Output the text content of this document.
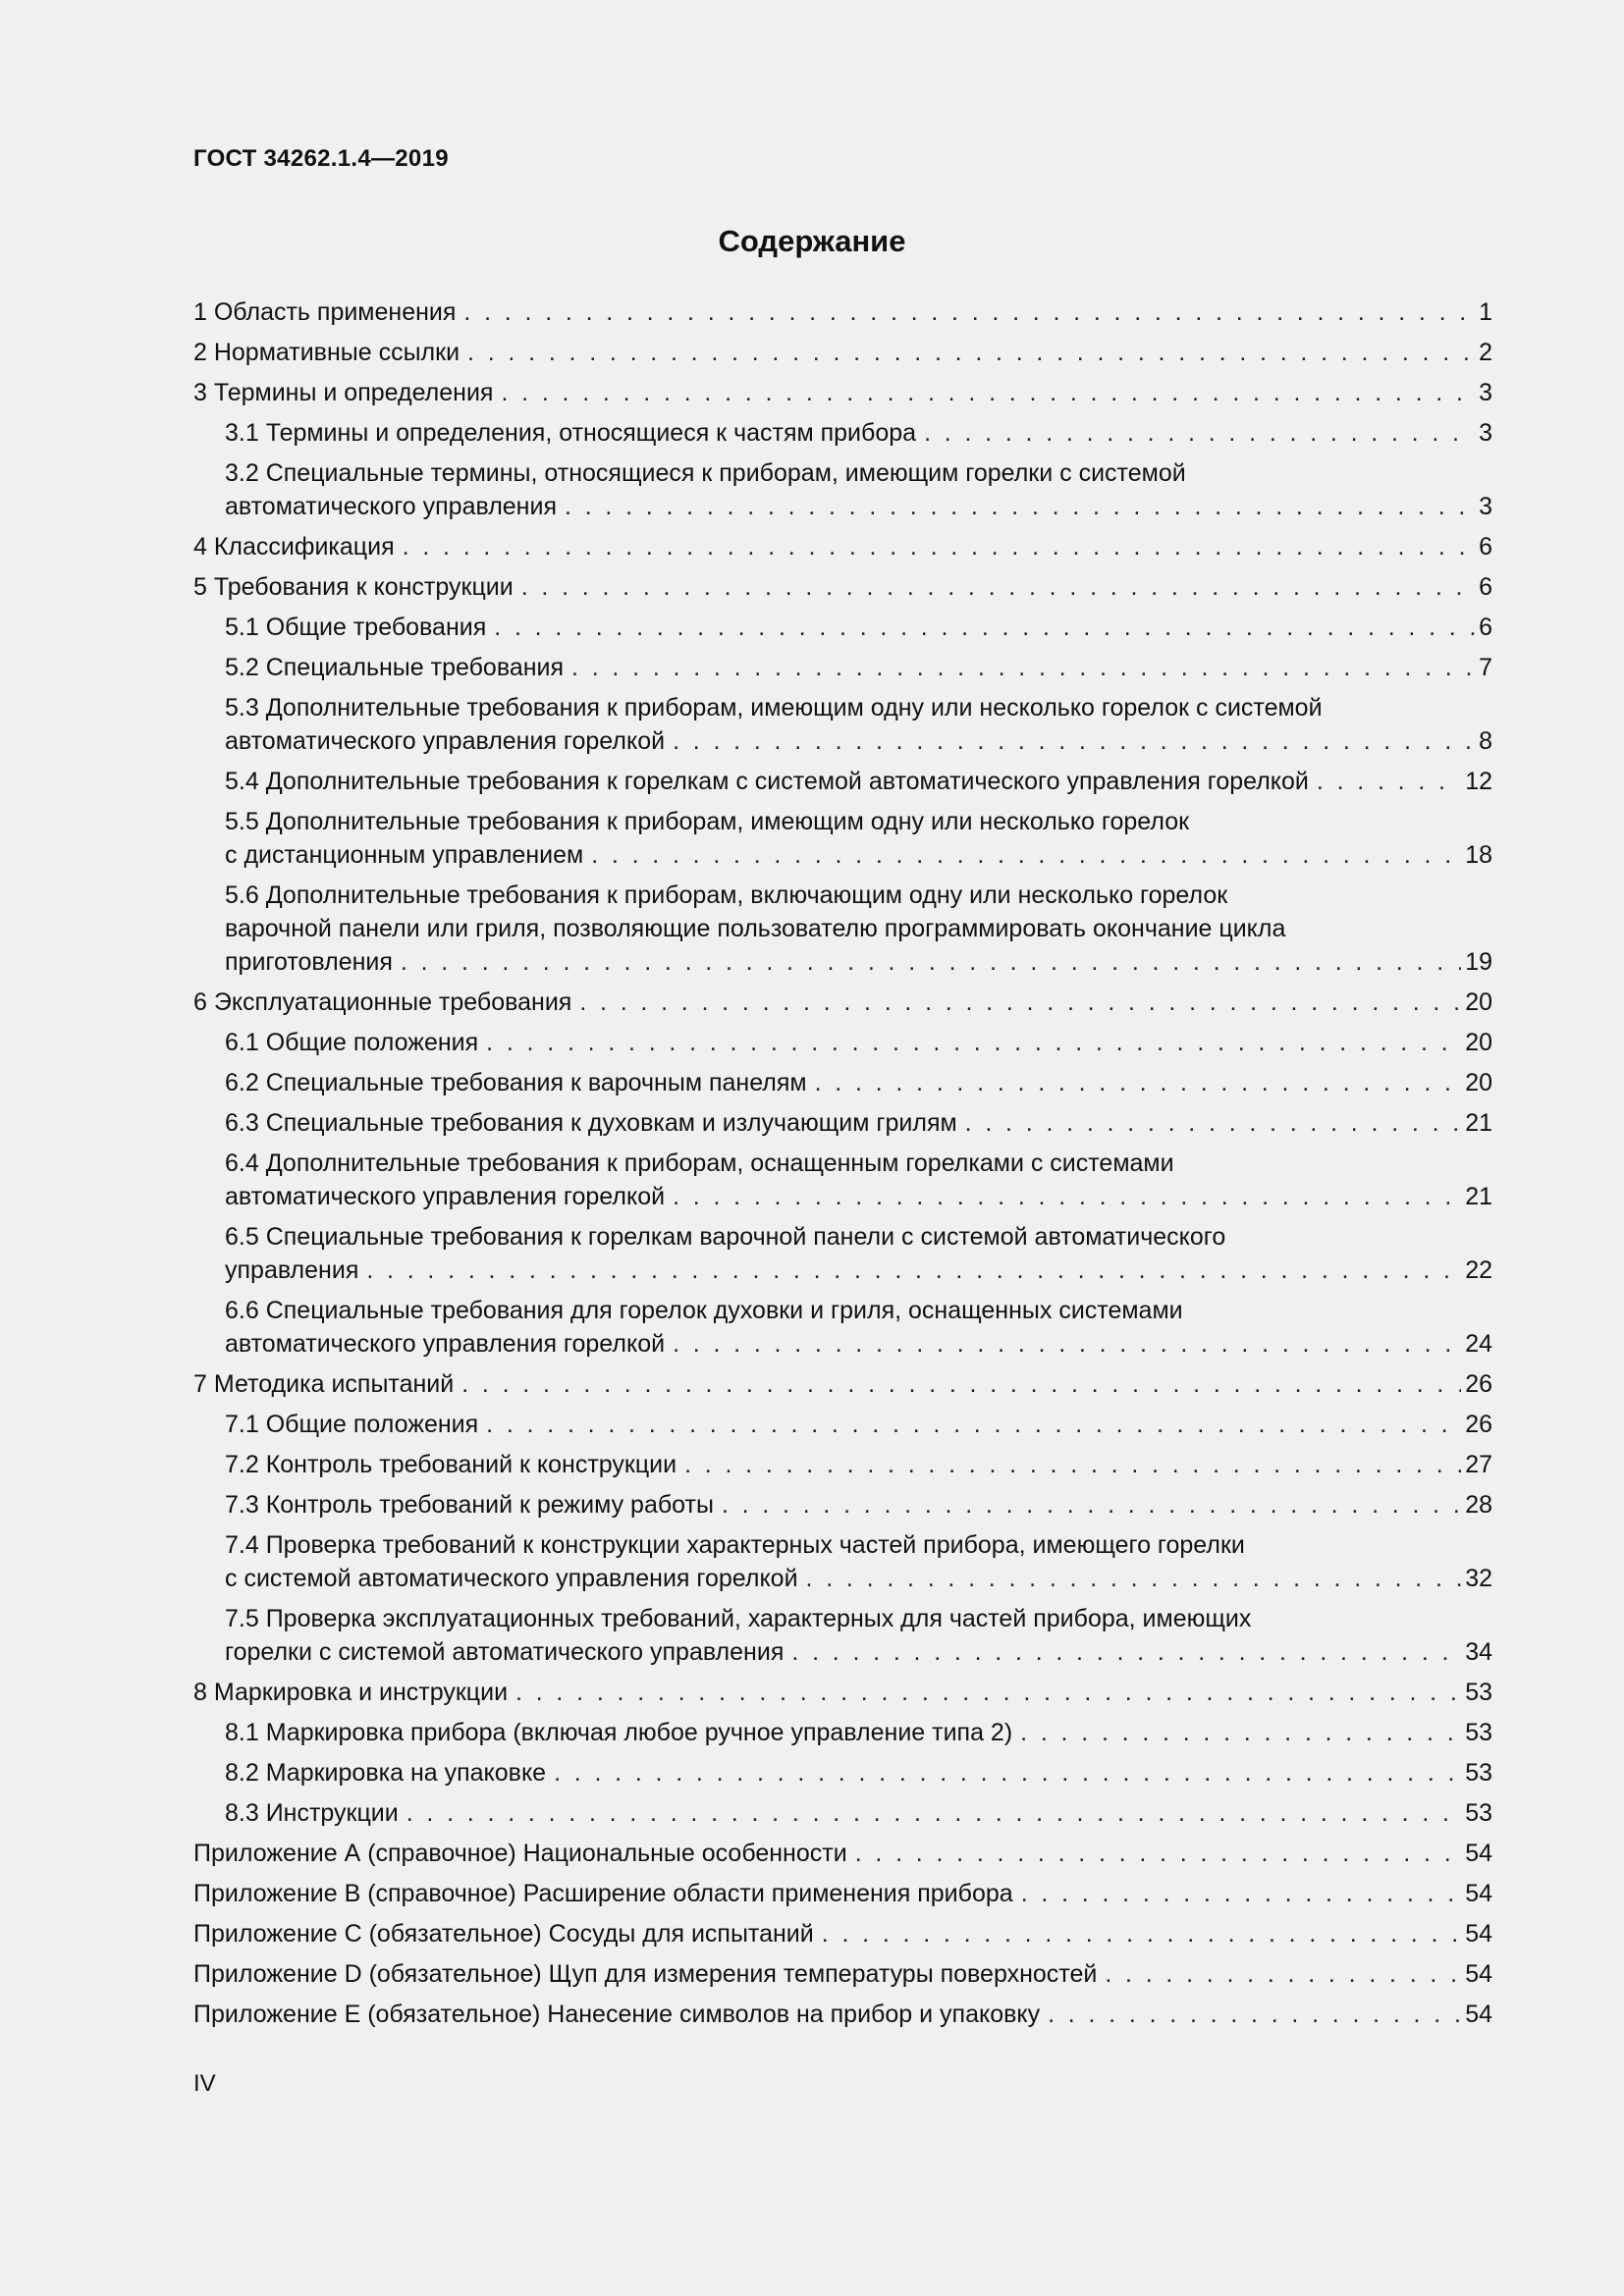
ГОСТ 34262.1.4—2019
Содержание
1 Область применения . . .	1
2 Нормативные ссылки . . .	2
3 Термины и определения . . .	3
3.1 Термины и определения, относящиеся к частям прибора . . .	3
3.2 Специальные термины, относящиеся к приборам, имеющим горелки с системой
автоматического управления . . .	3
4 Классификация . . .	6
5 Требования к конструкции . . .	6
5.1 Общие требования . . .	6
5.2 Специальные требования . . .	7
5.3 Дополнительные требования к приборам, имеющим одну или несколько горелок с системой
автоматического управления горелкой . . .	8
5.4 Дополнительные требования к горелкам с системой автоматического управления горелкой . . .	12
5.5 Дополнительные требования к приборам, имеющим одну или несколько горелок
с дистанционным управлением . . .	18
5.6 Дополнительные требования к приборам, включающим одну или несколько горелок
варочной панели или гриля, позволяющие пользователю программировать окончание цикла
приготовления . . .	19
6 Эксплуатационные требования . . .	20
6.1 Общие положения . . .	20
6.2 Специальные требования к варочным панелям . . .	20
6.3 Специальные требования к духовкам и излучающим грилям . . .	21
6.4 Дополнительные требования к приборам, оснащенным горелками с системами
автоматического управления горелкой . . .	21
6.5 Специальные требования к горелкам варочной панели с системой автоматического
управления . . .	22
6.6 Специальные требования для горелок духовки и гриля, оснащенных системами
автоматического управления горелкой . . .	24
7 Методика испытаний . . .	26
7.1 Общие положения . . .	26
7.2 Контроль требований к конструкции . . .	27
7.3 Контроль требований к режиму работы . . .	28
7.4 Проверка требований к конструкции характерных частей прибора, имеющего горелки
с системой автоматического управления горелкой . . .	32
7.5 Проверка эксплуатационных требований, характерных для частей прибора, имеющих
горелки с системой автоматического управления . . .	34
8 Маркировка и инструкции . . .	53
8.1 Маркировка прибора (включая любое ручное управление типа 2) . . .	53
8.2 Маркировка на упаковке . . .	53
8.3 Инструкции . . .	53
Приложение А (справочное) Национальные особенности . . .	54
Приложение В (справочное) Расширение области применения прибора . . .	54
Приложение С (обязательное) Сосуды для испытаний . . .	54
Приложение D (обязательное) Щуп для измерения температуры поверхностей . . .	54
Приложение Е (обязательное) Нанесение символов на прибор и упаковку . . .	54
IV
